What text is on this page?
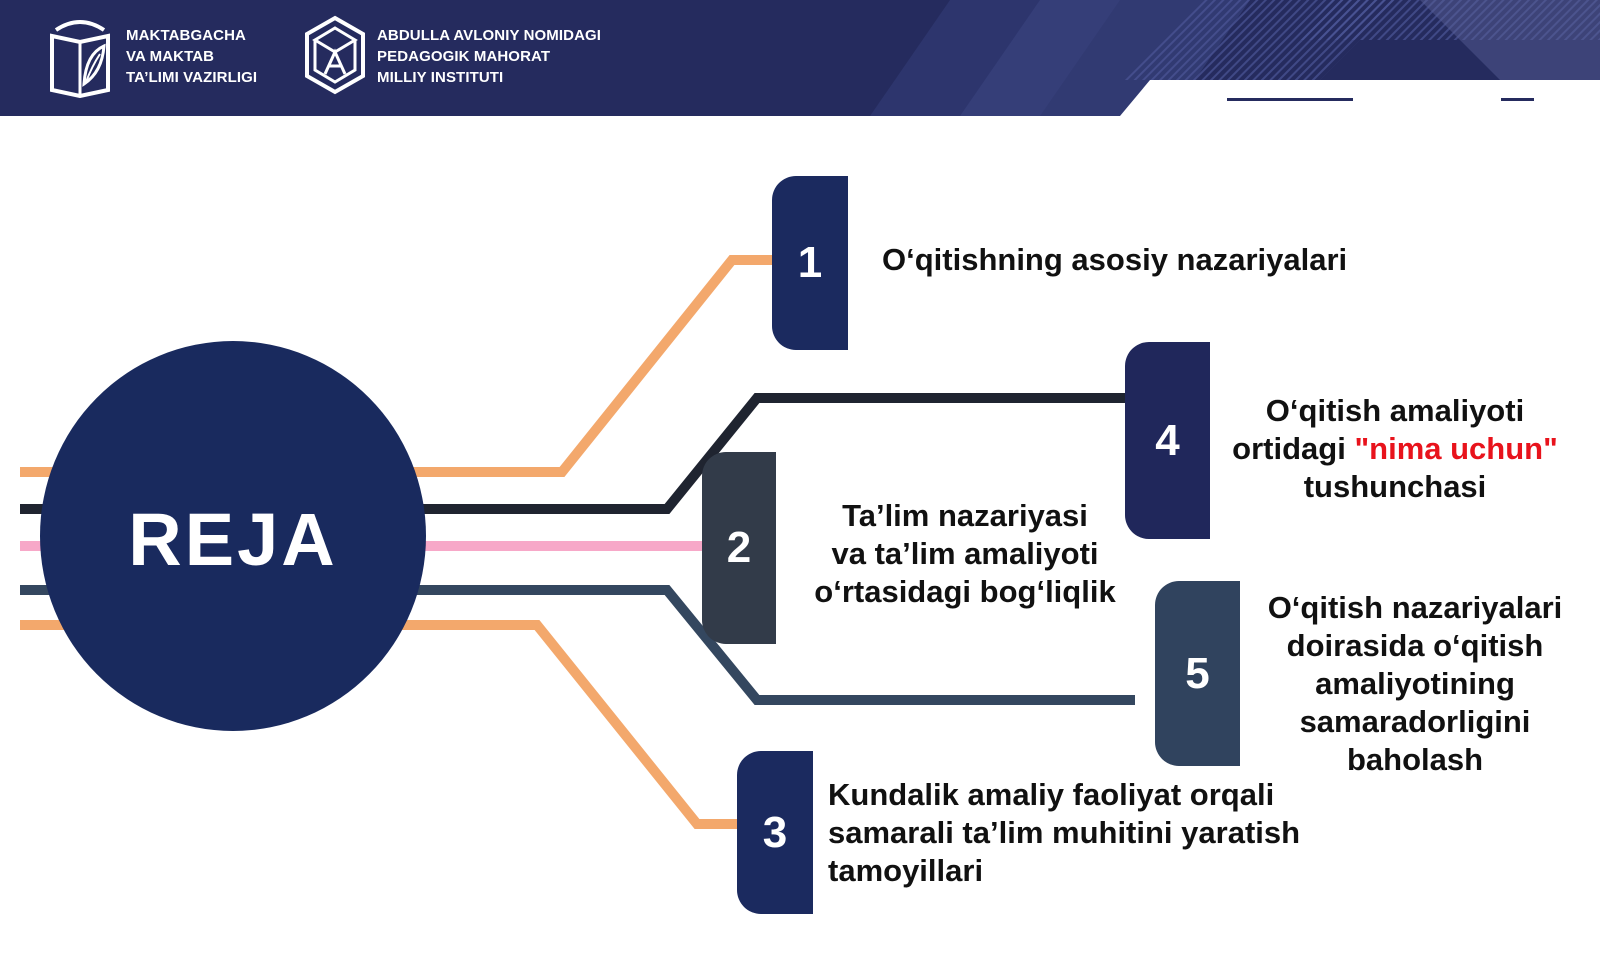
MAKTABGACHA
VA MAKTAB
TA’LIMI VAZIRLIGI
ABDULLA AVLONIY NOMIDAGI
PEDAGOGIK MAHORAT
MILLIY INSTITUTI
REJA
1
2
3
4
5
O‘qitishning asosiy nazariyalari
Ta’lim nazariyasi
va ta’lim amaliyoti
o‘rtasidagi bog‘liqlik
Kundalik amaliy faoliyat orqali
samarali ta’lim muhitini yaratish
tamoyillari
O‘qitish amaliyoti
ortidagi "nima uchun"
tushunchasi
O‘qitish nazariyalari
doirasida o‘qitish
amaliyotining
samaradorligini
baholash
